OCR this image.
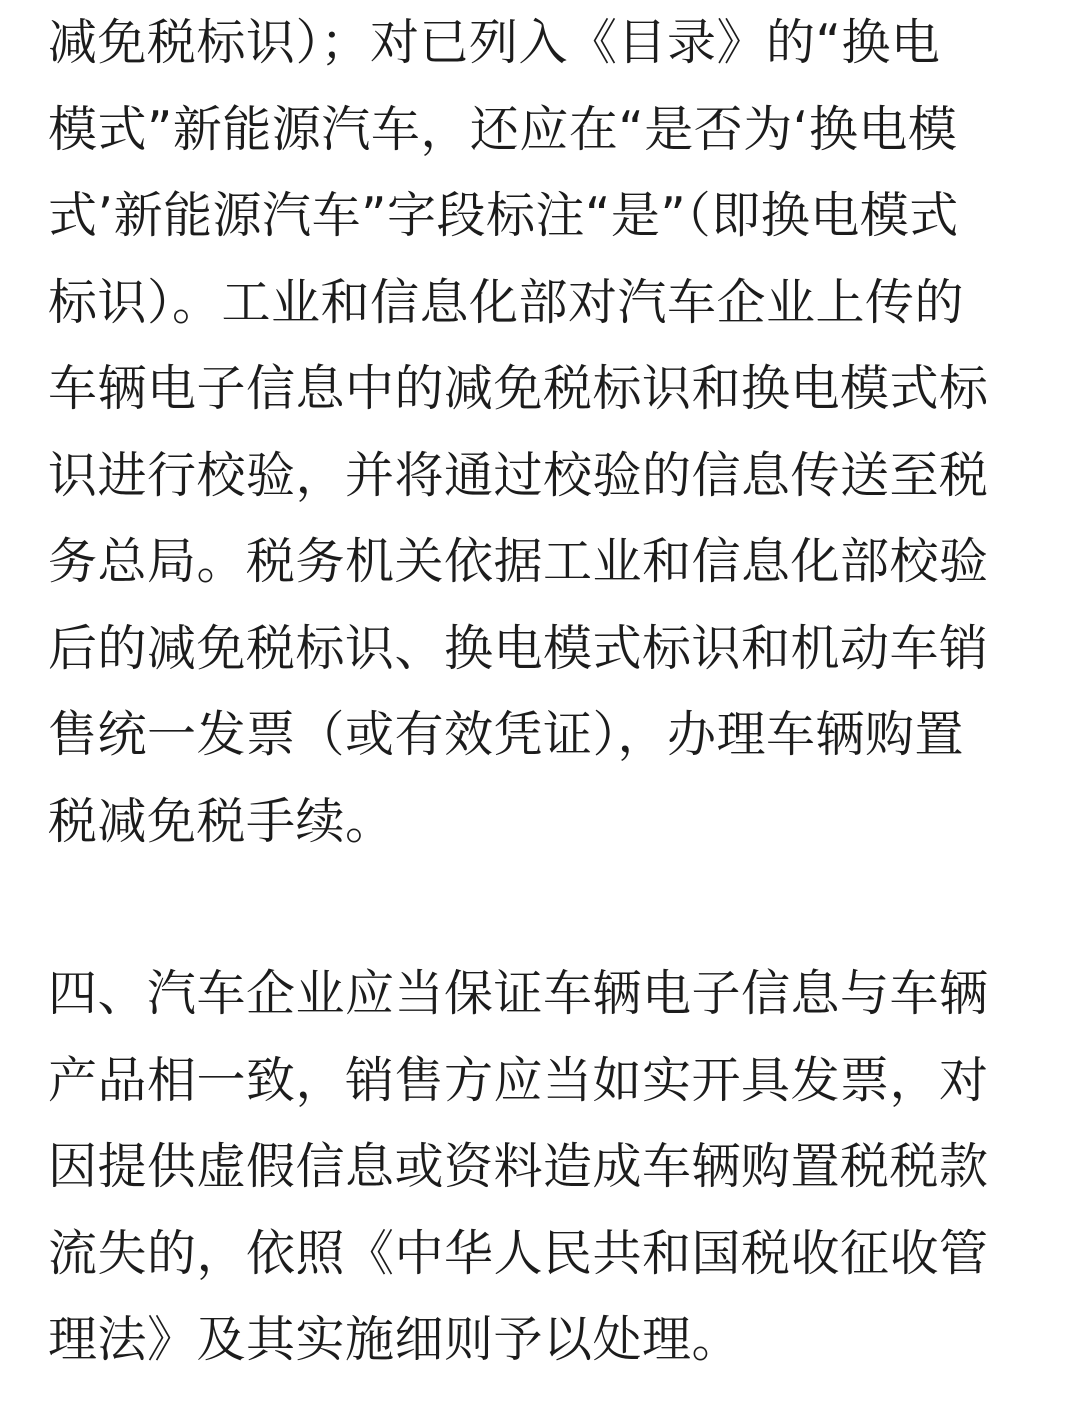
减免税标识）；对已列入《目录》的“换电
模式”新能源汽车，还应在“是否为‘换电模
式’新能源汽车”字段标注“是”（即换电模式
标识）。工业和信息化部对汽车企业上传的
车辆电子信息中的减免税标识和换电模式标
识进行校验，并将通过校验的信息传送至税
务总局。税务机关依据工业和信息化部校验
后的减免税标识、换电模式标识和机动车销
售统一发票（或有效凭证），办理车辆购置
税减免税手续。

四、汽车企业应当保证车辆电子信息与车辆
产品相一致，销售方应当如实开具发票，对
因提供虚假信息或资料造成车辆购置税税款
流失的，依照《中华人民共和国税收征收管
理法》及其实施细则予以处理。
